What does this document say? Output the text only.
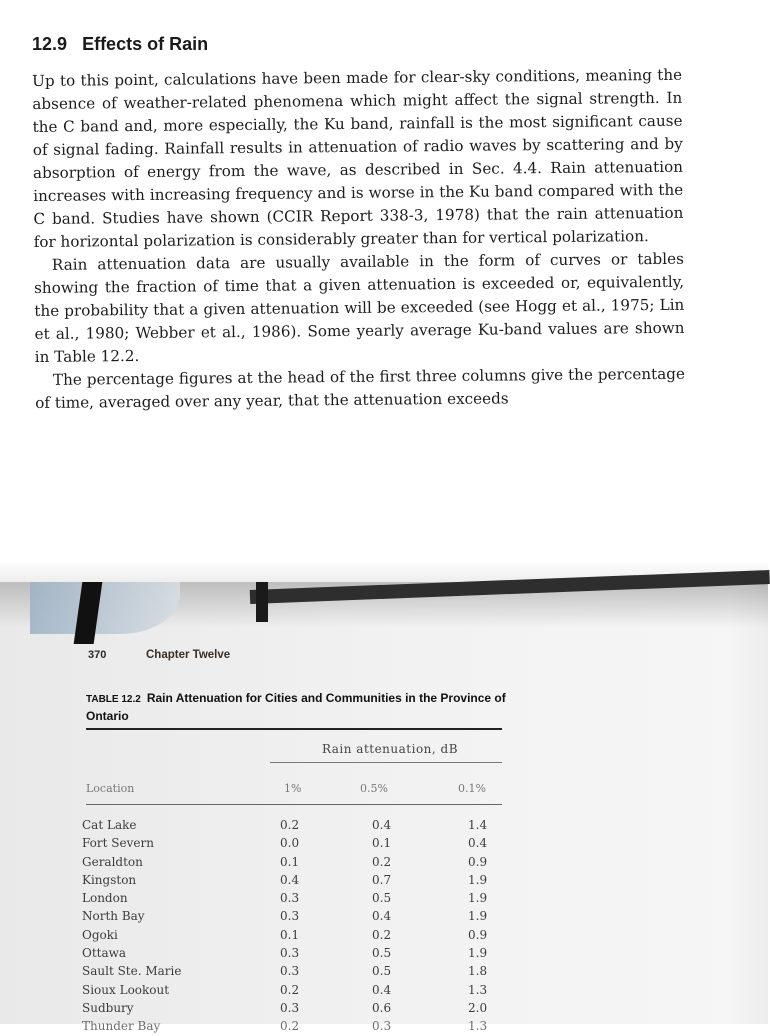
12.9 Effects of Rain

Up to this point, calculations have been made for clear-sky conditions, meaning the absence of weather-related phenomena which might affect the signal strength. In the C band and, more especially, the Ku band, rainfall is the most significant cause of signal fading. Rainfall results in attenuation of radio waves by scattering and by absorption of energy from the wave, as described in Sec. 4.4. Rain attenuation increases with increasing frequency and is worse in the Ku band compared with the C band. Studies have shown (CCIR Report 338-3, 1978) that the rain attenuation for horizontal polarization is considerably greater than for vertical polarization.

Rain attenuation data are usually available in the form of curves or tables showing the fraction of time that a given attenuation is exceeded or, equivalently, the probability that a given attenuation will be exceeded (see Hogg et al., 1975; Lin et al., 1980; Webber et al., 1986). Some yearly average Ku-band values are shown in Table 12.2.

The percentage figures at the head of the first three columns give the percentage of time, averaged over any year, that the attenuation exceeds

370	Chapter Twelve
TABLE 12.2 Rain Attenuation for Cities and Communities in the Province of Ontario
Rain attenuation, dB
Location	1%	0.5%	0.1%
Cat Lake	0.2	0.4	1.4
Fort Severn	0.0	0.1	0.4
Geraldton	0.1	0.2	0.9
Kingston	0.4	0.7	1.9
London	0.3	0.5	1.9
North Bay	0.3	0.4	1.9
Ogoki	0.1	0.2	0.9
Ottawa	0.3	0.5	1.9
Sault Ste. Marie	0.3	0.5	1.8
Sioux Lookout	0.2	0.4	1.3
Sudbury	0.3	0.6	2.0
Thunder Bay	0.2	0.3	1.3
